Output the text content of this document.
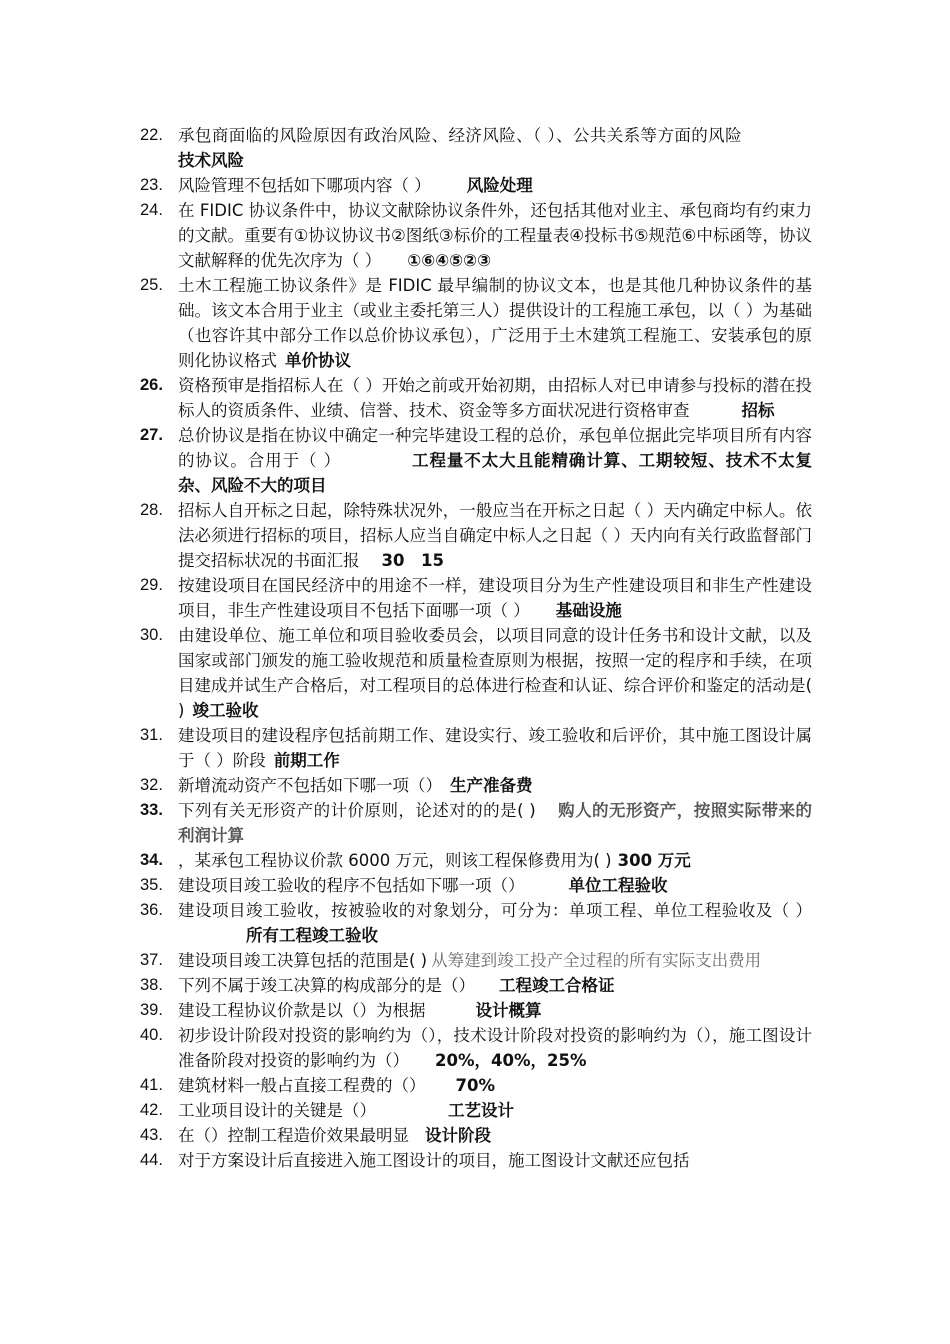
22. 承包商面临的风险原因有政治风险、经济风险、（ ）、公共关系等方面的风险技术风险
23. 风险管理不包括如下哪项内容（ ） 风险处理
24. 在 FIDIC 协议条件中，协议文献除协议条件外，还包括其他对业主、承包商均有约束力的文献。重要有①协议协议书②图纸③标价的工程量表④投标书⑤规范⑥中标函等，协议文献解释的优先次序为（ ） ①⑥④⑤②③
25. 土木工程施工协议条件》是 FIDIC 最早编制的协议文本，也是其他几种协议条件的基础。该文本合用于业主（或业主委托第三人）提供设计的工程施工承包，以（ ）为基础（也容许其中部分工作以总价协议承包），广泛用于土木建筑工程施工、安装承包的原则化协议格式 单价协议
26. 资格预审是指招标人在（ ）开始之前或开始初期，由招标人对已申请参与投标的潜在投标人的资质条件、业绩、信誉、技术、资金等多方面状况进行资格审查	招标
27. 总价协议是指在协议中确定一种完毕建设工程的总价，承包单位据此完毕项目所有内容的协议。合用于（ ）	工程量不太大且能精确计算、工期较短、技术不太复杂、风险不大的项目
28. 招标人自开标之日起，除特殊状况外，一般应当在开标之日起（ ）天内确定中标人。依法必须进行招标的项目，招标人应当自确定中标人之日起（ ）天内向有关行政监督部门提交招标状况的书面汇报 30　15
29. 按建设项目在国民经济中的用途不一样，建设项目分为生产性建设项目和非生产性建设项目，非生产性建设项目不包括下面哪一项（ ） 基础设施
30. 由建设单位、施工单位和项目验收委员会，以项目同意的设计任务书和设计文献，以及国家或部门颁发的施工验收规范和质量检查原则为根据，按照一定的程序和手续，在项目建成并试生产合格后，对工程项目的总体进行检查和认证、综合评价和鉴定的活动是( ) 竣工验收
31. 建设项目的建设程序包括前期工作、建设实行、竣工验收和后评价，其中施工图设计属于（ ）阶段 前期工作
32. 新增流动资产不包括如下哪一项（） 生产准备费
33. 下列有关无形资产的计价原则，论述对的的是( ) 购人的无形资产，按照实际带来的利润计算
34. ，某承包工程协议价款 6000 万元，则该工程保修费用为( ) 300 万元
35. 建设项目竣工验收的程序不包括如下哪一项（）	单位工程验收
36. 建设项目竣工验收，按被验收的对象划分，可分为：单项工程、单位工程验收及（ ）所有工程竣工验收
37. 建设项目竣工决算包括的范围是( ) 从筹建到竣工投产全过程的所有实际支出费用
38. 下列不属于竣工决算的构成部分的是（） 工程竣工合格证
39. 建设工程协议价款是以（）为根据	设计概算
40. 初步设计阶段对投资的影响约为（），技术设计阶段对投资的影响约为（），施工图设计准备阶段对投资的影响约为（） 20%，40%，25%
41. 建筑材料一般占直接工程费的（） 70%
42. 工业项目设计的关键是（）	工艺设计
43. 在（）控制工程造价效果最明显 设计阶段
44. 对于方案设计后直接进入施工图设计的项目，施工图设计文献还应包括
